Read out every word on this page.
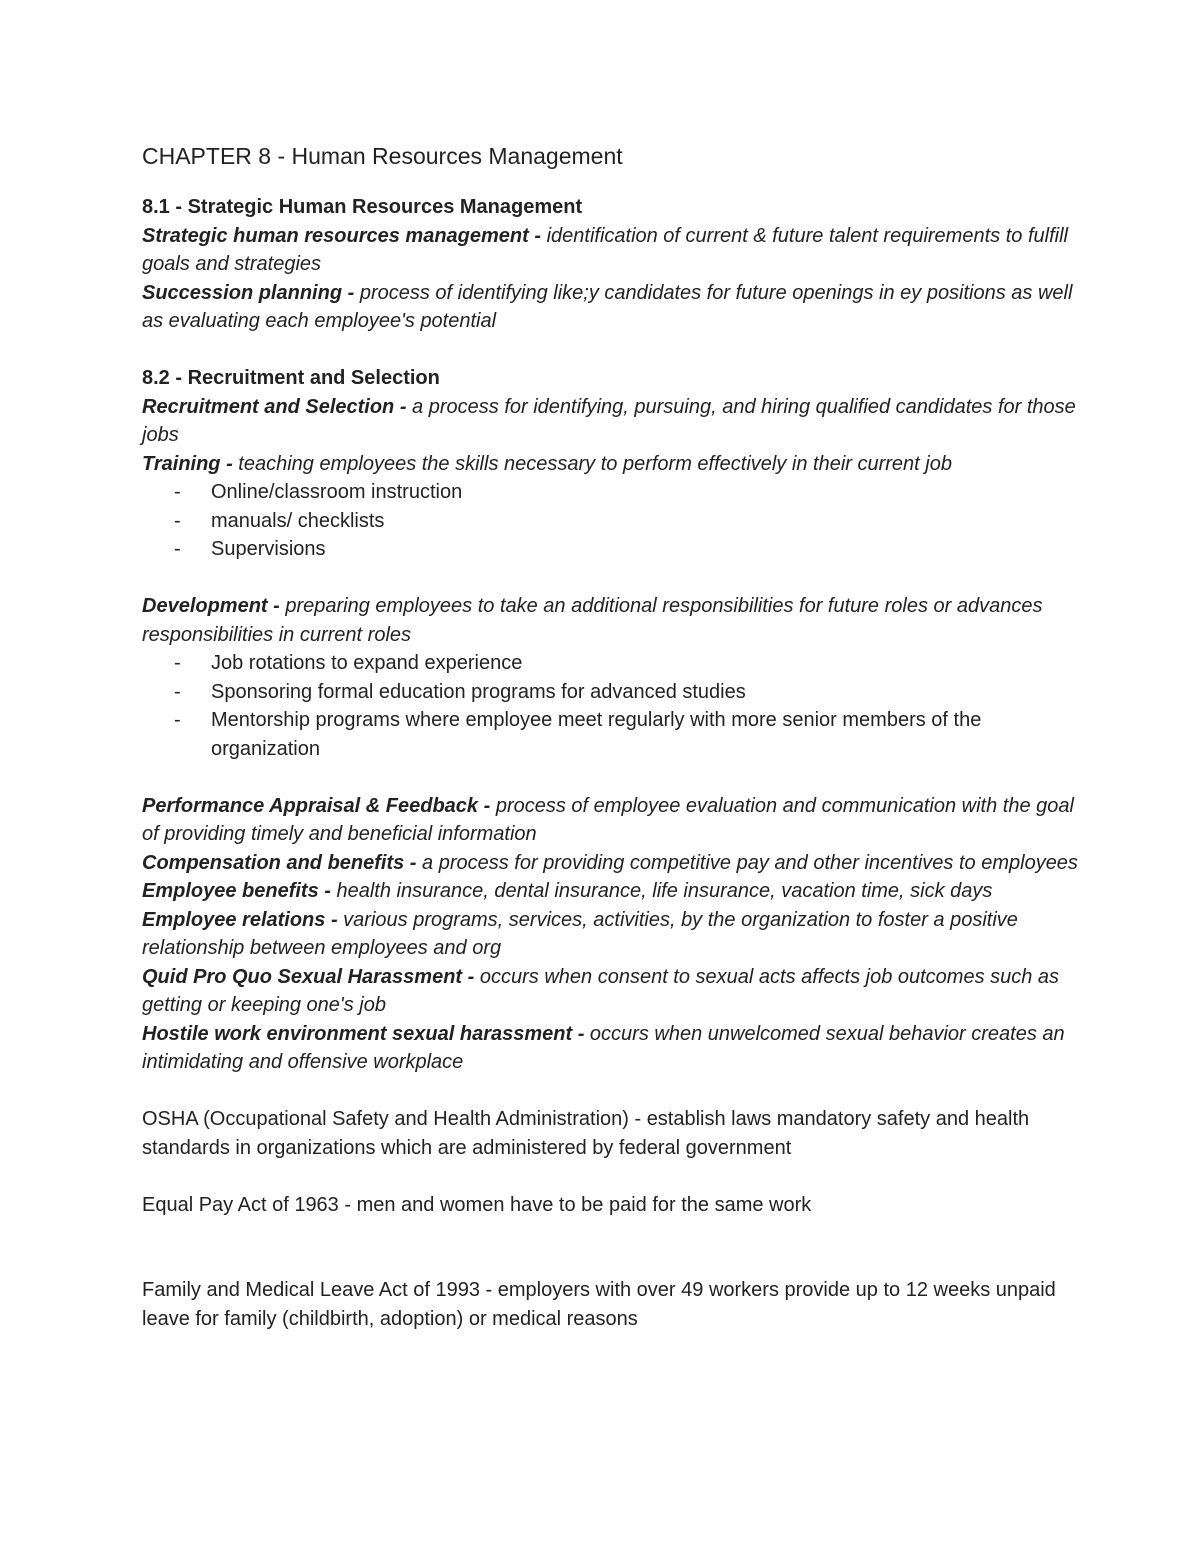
CHAPTER 8 - Human Resources Management

8.1 - Strategic Human Resources Management

Strategic human resources management - identification of current & future talent requirements to fulfill goals and strategies

Succession planning - process of identifying like;y candidates for future openings in ey positions as well as evaluating each employee's potential

8.2 - Recruitment and Selection

Recruitment and Selection - a process for identifying, pursuing, and hiring qualified candidates for those jobs

Training - teaching employees the skills necessary to perform effectively in their current job

- Online/classroom instruction
- manuals/ checklists
- Supervisions

Development - preparing employees to take an additional responsibilities for future roles or advances responsibilities in current roles

- Job rotations to expand experience
- Sponsoring formal education programs for advanced studies
- Mentorship programs where employee meet regularly with more senior members of the organization

Performance Appraisal & Feedback - process of employee evaluation and communication with the goal of providing timely and beneficial information

Compensation and benefits - a process for providing competitive pay and other incentives to employees

Employee benefits - health insurance, dental insurance, life insurance, vacation time, sick days

Employee relations - various programs, services, activities, by the organization to foster a positive relationship between employees and org

Quid Pro Quo Sexual Harassment - occurs when consent to sexual acts affects job outcomes such as getting or keeping one's job

Hostile work environment sexual harassment - occurs when unwelcomed sexual behavior creates an intimidating and offensive workplace

OSHA (Occupational Safety and Health Administration) - establish laws mandatory safety and health standards in organizations which are administered by federal government

Equal Pay Act of 1963 - men and women have to be paid for the same work

Family and Medical Leave Act of 1993 - employers with over 49 workers provide up to 12 weeks unpaid leave for family (childbirth, adoption) or medical reasons
